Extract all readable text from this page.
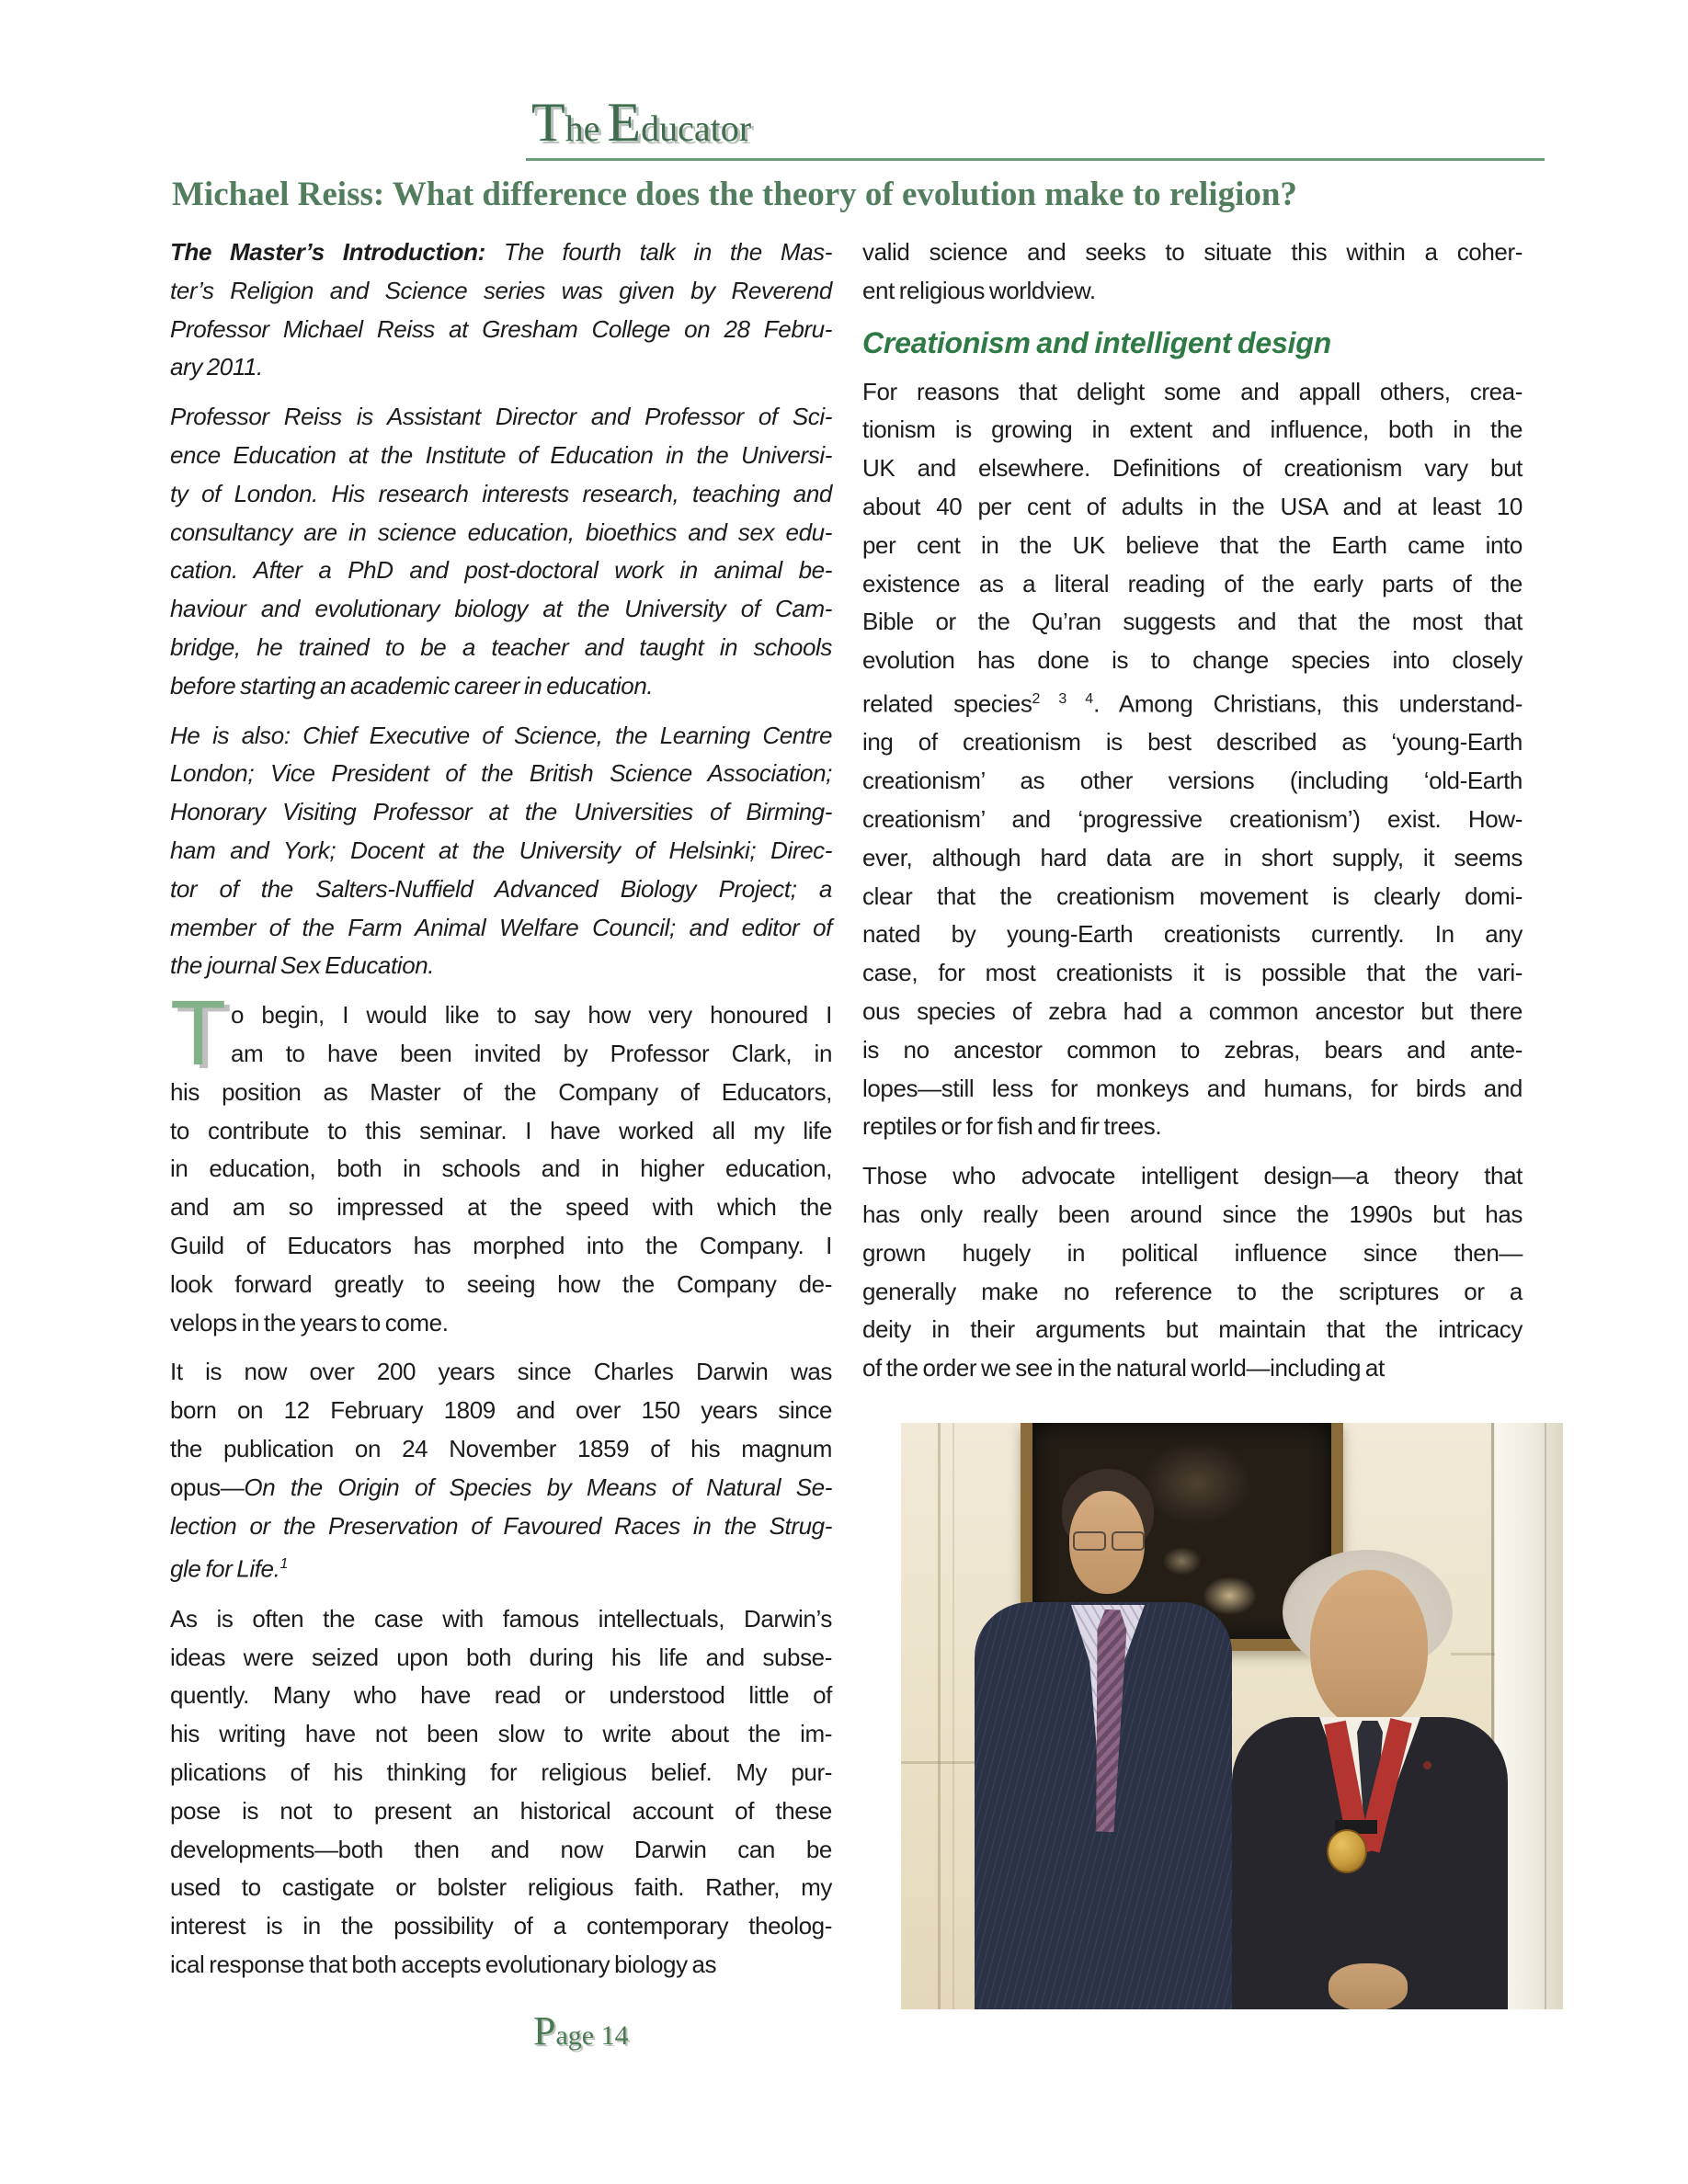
The Educator
Michael Reiss: What difference does the theory of evolution make to religion?
The Master’s Introduction: The fourth talk in the Mas-
ter’s Religion and Science series was given by Reverend
Professor Michael Reiss at Gresham College on 28 Febru-
ary 2011.
Professor Reiss is Assistant Director and Professor of Sci-
ence Education at the Institute of Education in the Universi-
ty of London. His research interests research, teaching and
consultancy are in science education, bioethics and sex edu-
cation. After a PhD and post-doctoral work in animal be-
haviour and evolutionary biology at the University of Cam-
bridge, he trained to be a teacher and taught in schools
before starting an academic career in education.
He is also: Chief Executive of Science, the Learning Centre
London; Vice President of the British Science Association;
Honorary Visiting Professor at the Universities of Birming-
ham and York; Docent at the University of Helsinki; Direc-
tor of the Salters-Nuffield Advanced Biology Project; a
member of the Farm Animal Welfare Council; and editor of
the journal Sex Education.
T o begin, I would like to say how very honoured I
am to have been invited by Professor Clark, in
his position as Master of the Company of Educators,
to contribute to this seminar. I have worked all my life
in education, both in schools and in higher education,
and am so impressed at the speed with which the
Guild of Educators has morphed into the Company. I
look forward greatly to seeing how the Company de-
velops in the years to come.
It is now over 200 years since Charles Darwin was
born on 12 February 1809 and over 150 years since
the publication on 24 November 1859 of his magnum
opus—On the Origin of Species by Means of Natural Se-
lection or the Preservation of Favoured Races in the Strug-
gle for Life.$^1$
As is often the case with famous intellectuals, Darwin’s
ideas were seized upon both during his life and subse-
quently. Many who have read or understood little of
his writing have not been slow to write about the im-
plications of his thinking for religious belief. My pur-
pose is not to present an historical account of these
developments—both then and now Darwin can be
used to castigate or bolster religious faith. Rather, my
interest is in the possibility of a contemporary theolog-
ical response that both accepts evolutionary biology as
valid science and seeks to situate this within a coher-
ent religious worldview.
Creationism and intelligent design
For reasons that delight some and appall others, crea-
tionism is growing in extent and influence, both in the
UK and elsewhere. Definitions of creationism vary but
about 40 per cent of adults in the USA and at least 10
per cent in the UK believe that the Earth came into
existence as a literal reading of the early parts of the
Bible or the Qu’ran suggests and that the most that
evolution has done is to change species into closely
related species$^{2 3 4}$. Among Christians, this understand-
ing of creationism is best described as ‘young-Earth
creationism’ as other versions (including ‘old-Earth
creationism’ and ‘progressive creationism’) exist. How-
ever, although hard data are in short supply, it seems
clear that the creationism movement is clearly domi-
nated by young-Earth creationists currently. In any
case, for most creationists it is possible that the vari-
ous species of zebra had a common ancestor but there
is no ancestor common to zebras, bears and ante-
lopes—still less for monkeys and humans, for birds and
reptiles or for fish and fir trees.
Those who advocate intelligent design—a theory that
has only really been around since the 1990s but has
grown hugely in political influence since then—
generally make no reference to the scriptures or a
deity in their arguments but maintain that the intricacy
of the order we see in the natural world—including at
Page 14
